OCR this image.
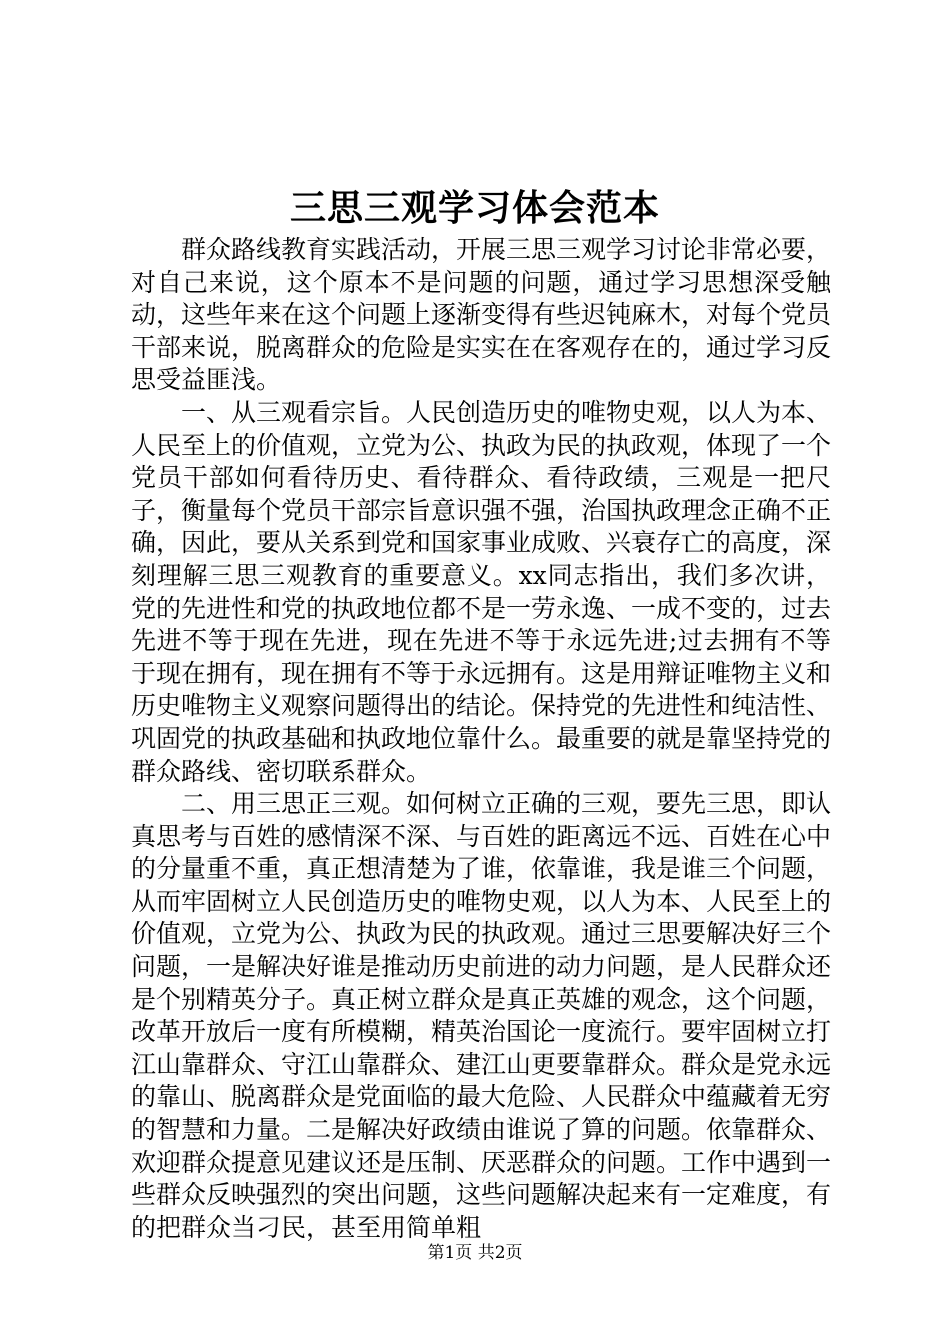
三思三观学习体会范本

群众路线教育实践活动，开展三思三观学习讨论非常必要，对自己来说，这个原本不是问题的问题，通过学习思想深受触动，这些年来在这个问题上逐渐变得有些迟钝麻木，对每个党员干部来说，脱离群众的危险是实实在在客观存在的，通过学习反思受益匪浅。

一、从三观看宗旨。人民创造历史的唯物史观，以人为本、人民至上的价值观，立党为公、执政为民的执政观，体现了一个党员干部如何看待历史、看待群众、看待政绩，三观是一把尺子，衡量每个党员干部宗旨意识强不强，治国执政理念正确不正确，因此，要从关系到党和国家事业成败、兴衰存亡的高度，深刻理解三思三观教育的重要意义。xx同志指出，我们多次讲，党的先进性和党的执政地位都不是一劳永逸、一成不变的，过去先进不等于现在先进，现在先进不等于永远先进;过去拥有不等于现在拥有，现在拥有不等于永远拥有。这是用辩证唯物主义和历史唯物主义观察问题得出的结论。保持党的先进性和纯洁性、巩固党的执政基础和执政地位靠什么。最重要的就是靠坚持党的群众路线、密切联系群众。

二、用三思正三观。如何树立正确的三观，要先三思，即认真思考与百姓的感情深不深、与百姓的距离远不远、百姓在心中的分量重不重，真正想清楚为了谁，依靠谁，我是谁三个问题，从而牢固树立人民创造历史的唯物史观，以人为本、人民至上的价值观，立党为公、执政为民的执政观。通过三思要解决好三个问题，一是解决好谁是推动历史前进的动力问题，是人民群众还是个别精英分子。真正树立群众是真正英雄的观念，这个问题，改革开放后一度有所模糊，精英治国论一度流行。要牢固树立打江山靠群众、守江山靠群众、建江山更要靠群众。群众是党永远的靠山、脱离群众是党面临的最大危险、人民群众中蕴藏着无穷的智慧和力量。二是解决好政绩由谁说了算的问题。依靠群众、欢迎群众提意见建议还是压制、厌恶群众的问题。工作中遇到一些群众反映强烈的突出问题，这些问题解决起来有一定难度，有的把群众当刁民，甚至用简单粗

第1页 共2页
